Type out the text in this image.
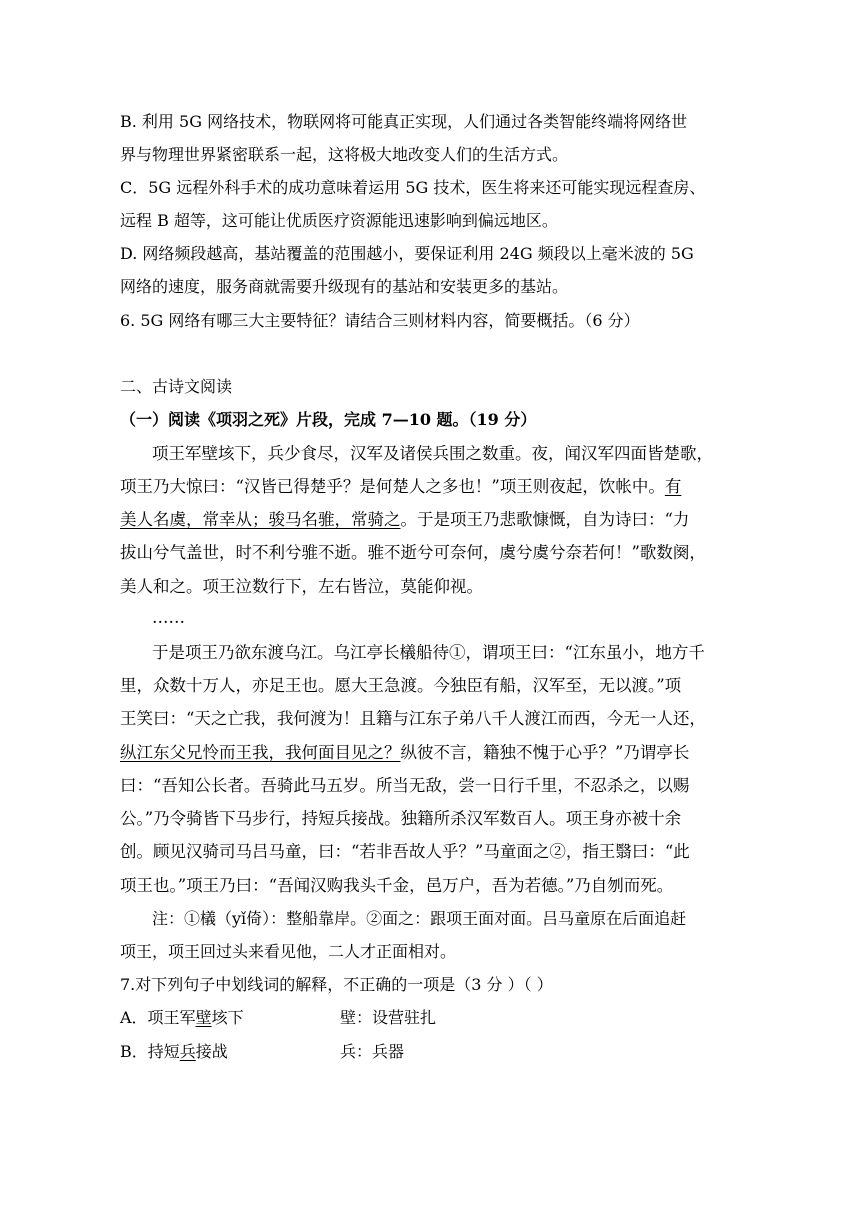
B. 利用 5G 网络技术，物联网将可能真正实现，人们通过各类智能终端将网络世
界与物理世界紧密联系一起，这将极大地改变人们的生活方式。
C．5G 远程外科手术的成功意味着运用 5G 技术，医生将来还可能实现远程查房、
远程 B 超等，这可能让优质医疗资源能迅速影响到偏远地区。
D. 网络频段越高，基站覆盖的范围越小，要保证利用 24G 频段以上毫米波的 5G
网络的速度，服务商就需要升级现有的基站和安装更多的基站。
6. 5G 网络有哪三大主要特征？请结合三则材料内容，简要概括。（6 分）
二、古诗文阅读
（一）阅读《项羽之死》片段，完成 7—10 题。（19 分）
项王军壁垓下，兵少食尽，汉军及诸侯兵围之数重。夜，闻汉军四面皆楚歌，
项王乃大惊曰：“汉皆已得楚乎？是何楚人之多也！”项王则夜起，饮帐中。有
美人名虞，常幸从；骏马名骓，常骑之。于是项王乃悲歌慷慨，自为诗曰：“力
拔山兮气盖世，时不利兮骓不逝。骓不逝兮可奈何，虞兮虞兮奈若何！”歌数阕，
美人和之。项王泣数行下，左右皆泣，莫能仰视。
……
于是项王乃欲东渡乌江。乌江亭长檥船待①，谓项王曰：“江东虽小，地方千
里，众数十万人，亦足王也。愿大王急渡。今独臣有船，汉军至，无以渡。”项
王笑曰：“天之亡我，我何渡为！且籍与江东子弟八千人渡江而西，今无一人还，
纵江东父兄怜而王我，我何面目见之？纵彼不言，籍独不愧于心乎？”乃谓亭长
曰：“吾知公长者。吾骑此马五岁。所当无敌，尝一日行千里，不忍杀之，以赐
公。”乃令骑皆下马步行，持短兵接战。独籍所杀汉军数百人。项王身亦被十余
创。顾见汉骑司马吕马童，曰：“若非吾故人乎？”马童面之②，指王翳曰：“此
项王也。”项王乃曰：“吾闻汉购我头千金，邑万户，吾为若德。”乃自刎而死。
注：①檥（yǐ倚）：整船靠岸。②面之：跟项王面对面。吕马童原在后面追赶
项王，项王回过头来看见他，二人才正面相对。
7.对下列句子中划线词的解释，不正确的一项是（3 分 ）（ ）
A．项王军壁垓下	壁：设营驻扎
B．持短兵接战	兵：兵器
